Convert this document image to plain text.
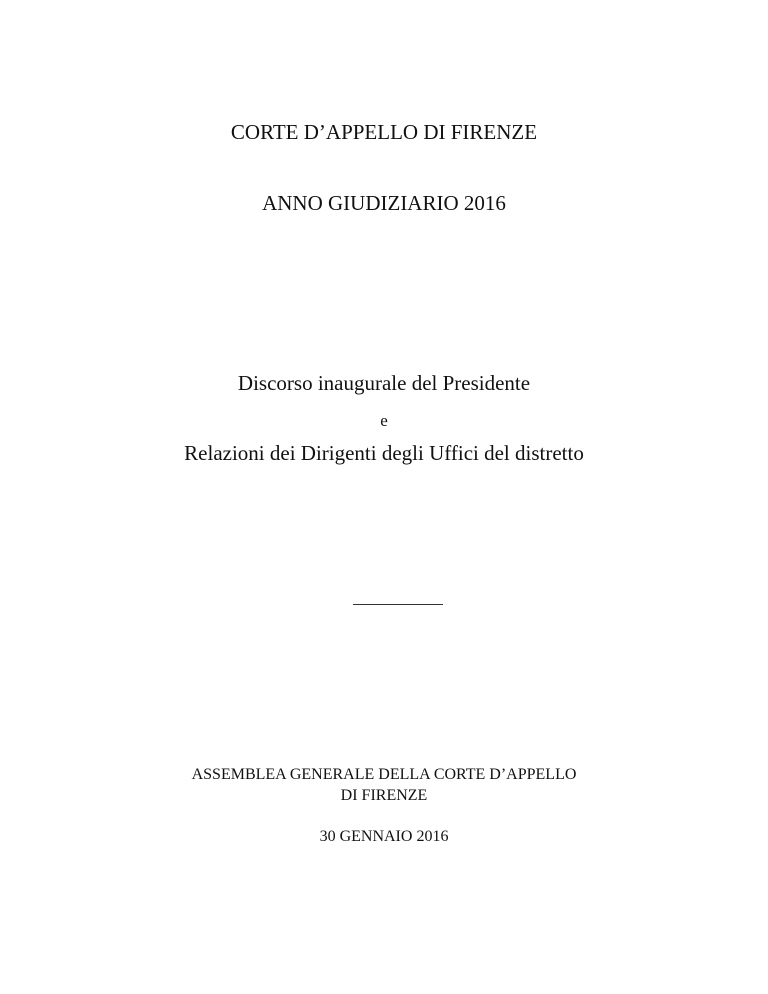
CORTE D’APPELLO DI FIRENZE
ANNO GIUDIZIARIO 2016
Discorso inaugurale del Presidente
e
Relazioni dei Dirigenti degli Uffici del distretto
ASSEMBLEA GENERALE DELLA CORTE D’APPELLO
DI FIRENZE
30 GENNAIO 2016
